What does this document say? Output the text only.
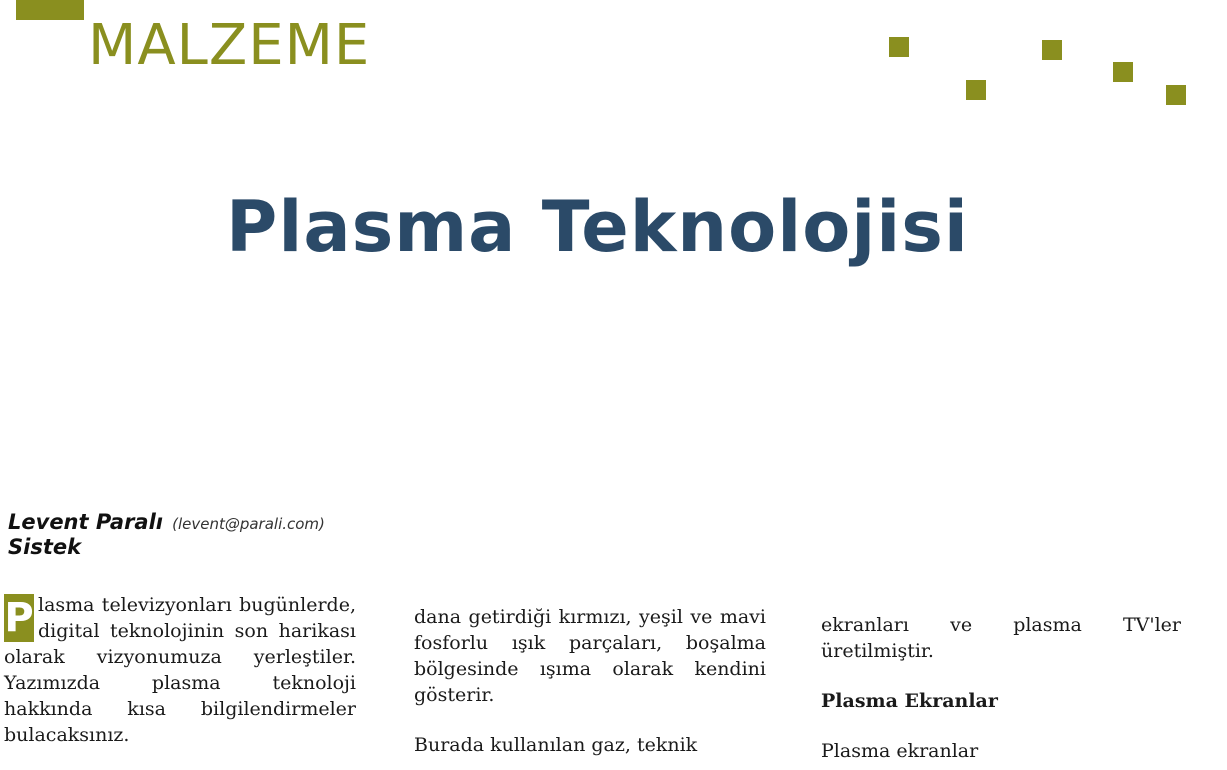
MALZEME
Plasma Teknolojisi
Levent Paralı (levent@parali.com)
Sistek

P lasma televizyonları bugünlerde, digital teknolojinin son harikası olarak vizyonumuza yerleştiler. Yazımızda plasma teknoloji hakkında kısa bilgilendirmeler bulacaksınız.

dana getirdiği kırmızı, yeşil ve mavi fosforlu ışık parçaları, boşalma bölgesinde ışıma olarak kendini gösterir.

Burada kullanılan gaz, teknik

ekranları ve plasma TV'ler üretilmiştir.

Plasma Ekranlar

Plasma ekranlar
